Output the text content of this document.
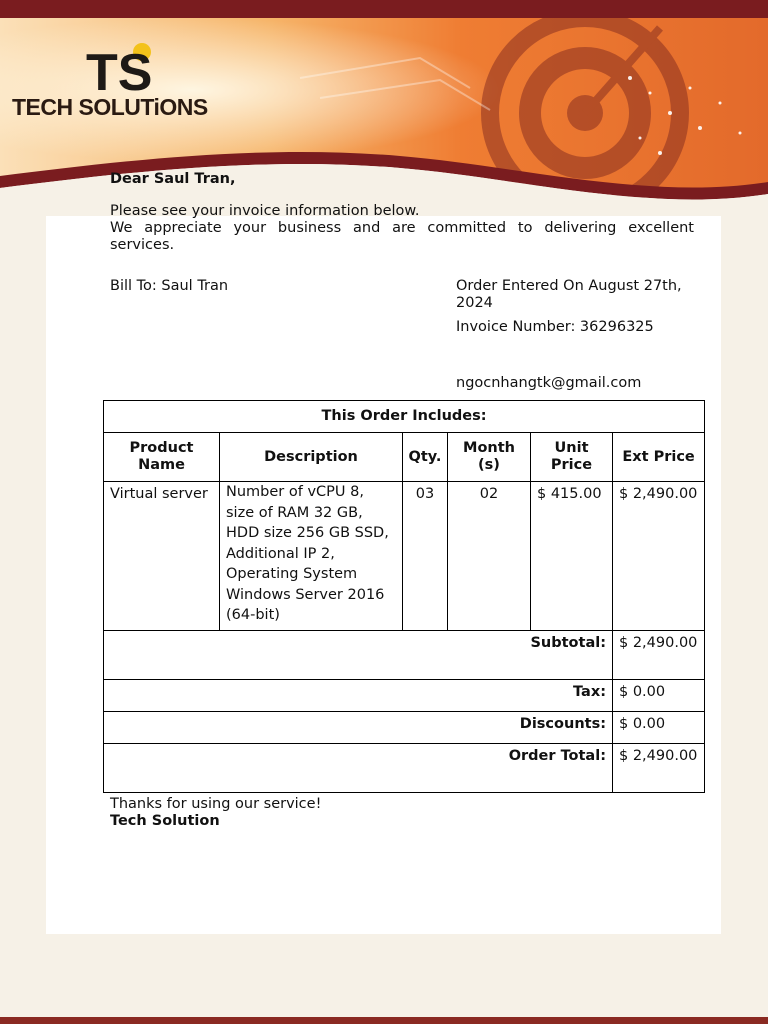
TS
TECH SOLUTiONS
Dear Saul Tran,
Please see your invoice information below.
We appreciate your business and are committed to delivering excellent services.
Bill To: Saul Tran	Order Entered On August 27th, 2024
Invoice Number: 36296325
ngocnhangtk@gmail.com
This Order Includes:					
Product Name	Description	Qty.	Month(s)	Unit Price	Ext Price
Virtual server	Number of vCPU 8, size of RAM 32 GB, HDD size 256 GB SSD, Additional IP 2, Operating System Windows Server 2016 (64-bit)	03	02	$ 415.00	$ 2,490.00
Subtotal:					$ 2,490.00
Tax:					$ 0.00
Discounts:					$ 0.00
Order Total:					$ 2,490.00
Thanks for using our service!
Tech Solution
